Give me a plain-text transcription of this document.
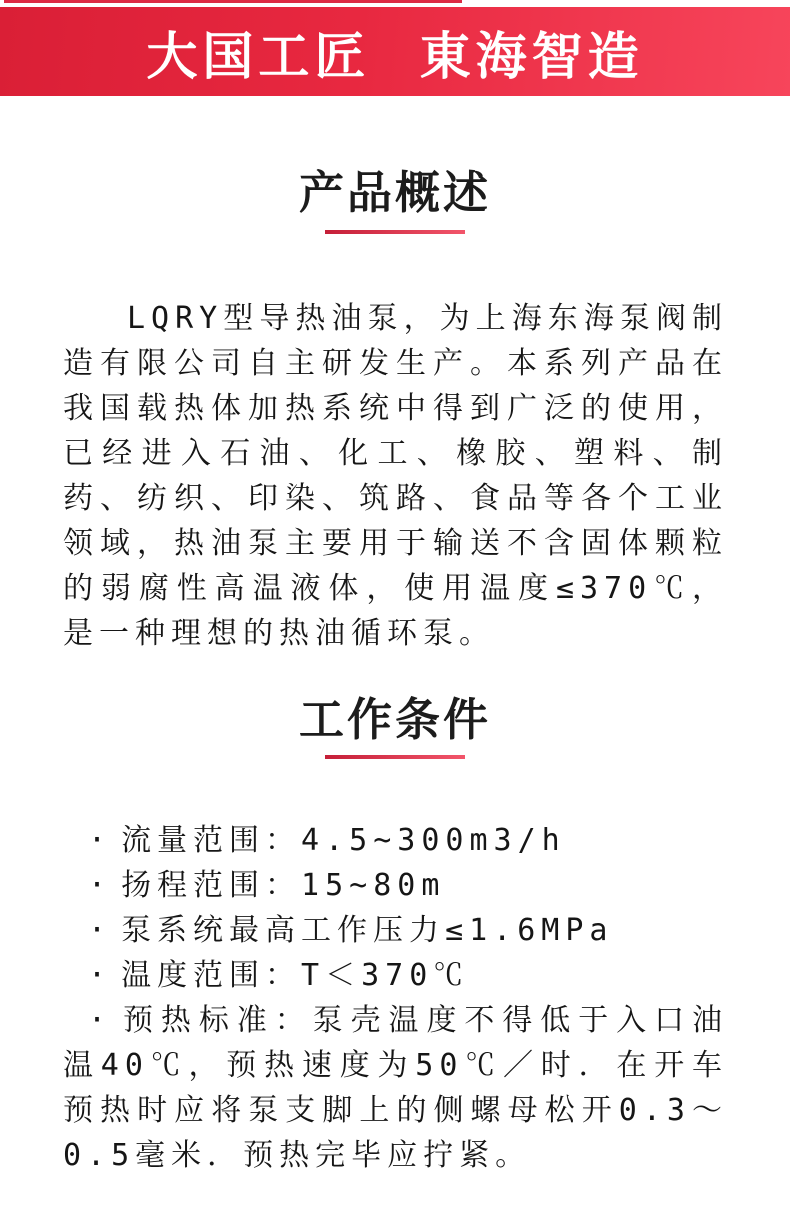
大国工匠 東海智造
产品概述
LQRY型导热油泵，为上海东海泵阀制造有限公司自主研发生产。本系列产品在我国载热体加热系统中得到广泛的使用，已经进入石油、化工、橡胶、塑料、制药、纺织、印染、筑路、食品等各个工业领域，热油泵主要用于输送不含固体颗粒的弱腐性高温液体，使用温度≤370℃，是一种理想的热油循环泵。
工作条件
· 流量范围：4.5~300m3/h
· 扬程范围：15~80m
· 泵系统最高工作压力≤1.6MPa
· 温度范围：T＜370℃
· 预热标准：泵壳温度不得低于入口油温40℃，预热速度为50℃／时．在开车预热时应将泵支脚上的侧螺母松开0.3～0.5毫米．预热完毕应拧紧。
